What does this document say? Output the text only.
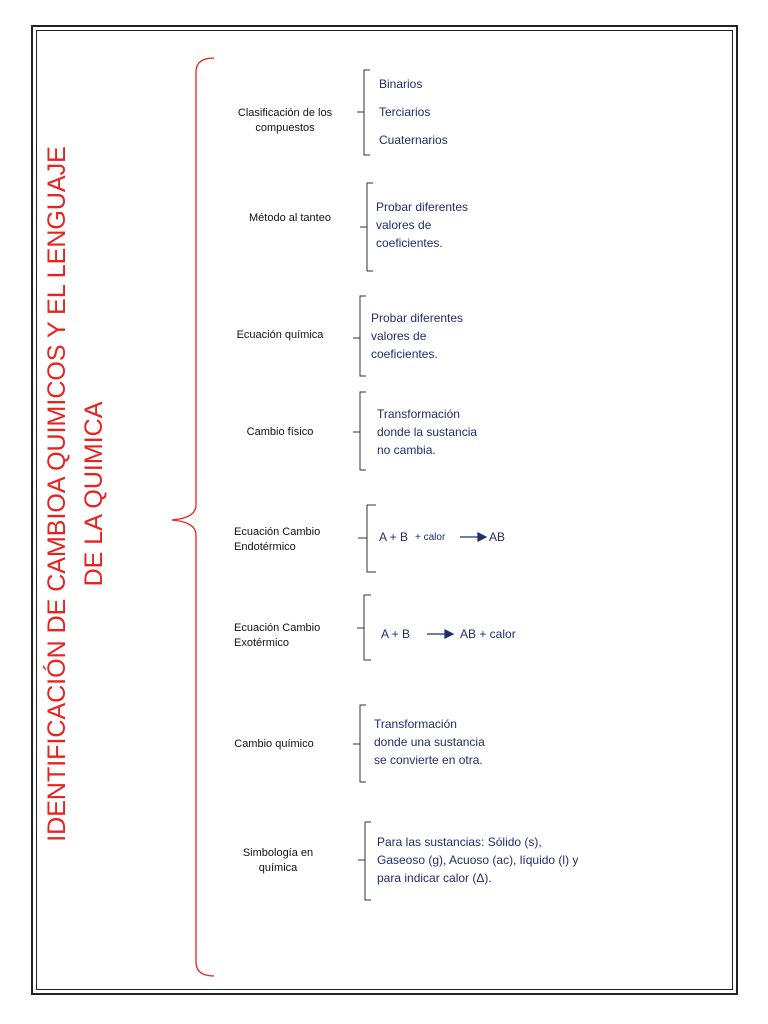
IDENTIFICACIÓN DE CAMBIOA QUIMICOS Y EL LENGUAJE DE LA QUIMICA
Clasificación de los
compuestos
Binarios
Terciarios
Cuaternarios
Método al tanteo
Probar diferentes
valores de
coeficientes.
Ecuación química
Probar diferentes
valores de
coeficientes.
Cambio físico
Transformación
donde la sustancia
no cambia.
Ecuación Cambio
Endotérmico
A + B + calor	AB
Ecuación Cambio
Exotérmico
A + B	AB + calor
Cambio químico
Transformación
donde una sustancia
se convierte en otra.
Simbología en
química
Para las sustancias: Sólido (s),
Gaseoso (g), Acuoso (ac), líquido (l) y
para indicar calor (Δ).
